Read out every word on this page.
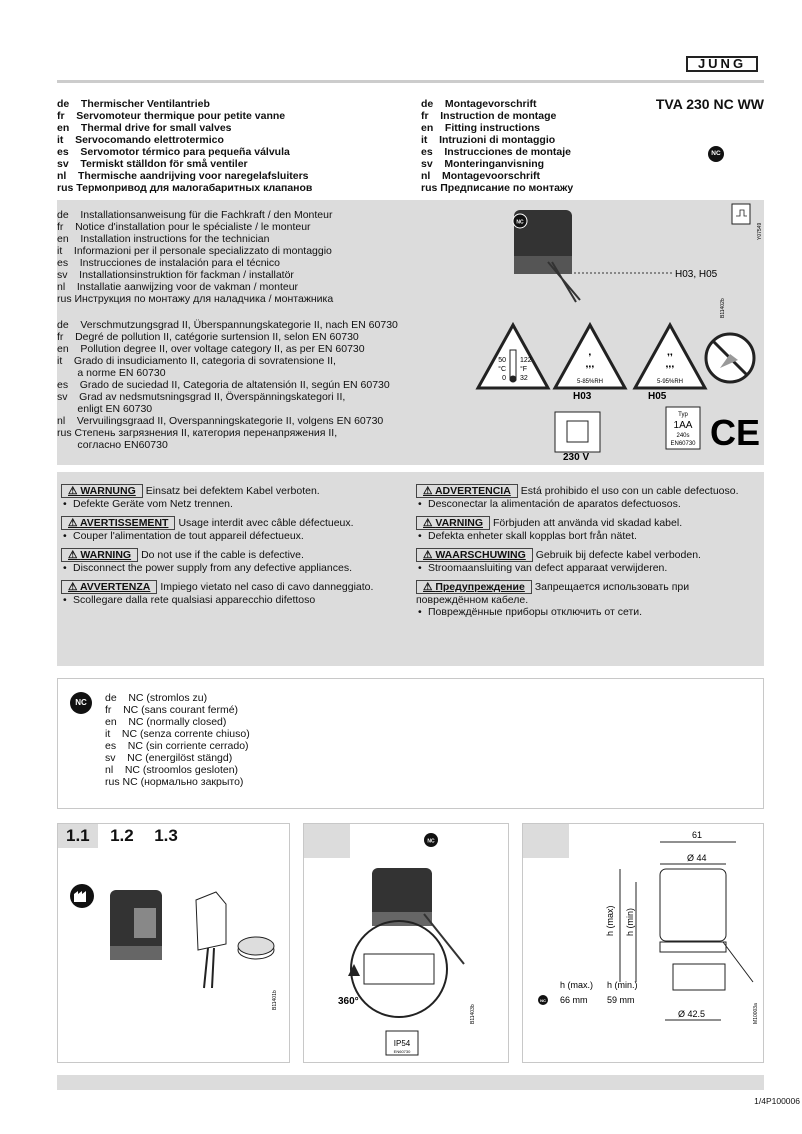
JUNG
de    Thermischer Ventilantrieb
fr    Servomoteur thermique pour petite vanne
en    Thermal drive for small valves
it    Servocomando elettrotermico
es    Servomotor térmico para pequeña válvula
sv    Termiskt ställdon för små ventiler
nl    Thermische aandrijving voor naregelafsluiters
rus Термопривод для малогабаритных клапанов
de    Montagevorschrift
fr    Instruction de montage
en    Fitting instructions
it    Intruzioni di montaggio
es    Instrucciones de montaje
sv    Monteringanvisning
nl    Montagevoorschrift
rus Предписание по монтажу
TVA 230 NC WW
NC
de    Installationsanweisung für die Fachkraft / den Monteur
fr    Notice d'installation pour le spécialiste / le monteur
en    Installation instructions for the technician
it    Informazioni per il personale specializzato di montaggio
es    Instrucciones de instalación para el técnico
sv    Installationsinstruktion för fackman / installatör
nl    Installatie aanwijzing voor de vakman / monteur
rus Инструкция по монтажу для наладчика / монтажника
de    Verschmutzungsgrad II, Überspannungskategorie II, nach EN 60730
fr    Degré de pollution II, catégorie surtension II, selon EN 60730
en    Pollution degree II, over voltage category II, as per EN 60730
it    Grado di insudiciamento II, categoria di sovratensione II,
a norme EN 60730
es    Grado de suciedad II, Categoria de altatensión II, según EN 60730
sv    Grad av nedsmutsningsgrad II, Överspänningskategori II,
enligt EN 60730
nl    Vervuilingsgraad II, Overspanningskategorie II, volgens EN 60730
rus Степень загрязнения II, категория перенапряжения II,
согласно EN60730
NC
H03, H05
B11402b
Y07549
50
°C
0
122
°F
32
❜
❜❜❜
5-85%RH
H03
❜❜
❜❜❜
5-95%RH
H05
230 V
Typ
1AA
240s
EN60730 CE
⚠ WARNUNG Einsatz bei defektem Kabel verboten.
• Defekte Geräte vom Netz trennen.
⚠ AVERTISSEMENT Usage interdit avec câble défectueux.
• Couper l'alimentation de tout appareil défectueux.
⚠ WARNING Do not use if the cable is defective.
• Disconnect the power supply from any defective appliances.
⚠ AVVERTENZA Impiego vietato nel caso di cavo danneggiato.
• Scollegare dalla rete qualsiasi apparecchio difettoso
⚠ ADVERTENCIA Está prohibido el uso con un cable defectuoso.
• Desconectar la alimentación de aparatos defectuosos.
⚠ VARNING Förbjuden att använda vid skadad kabel.
• Defekta enheter skall kopplas bort från nätet.
⚠ WAARSCHUWING Gebruik bij defecte kabel verboden.
• Stroomaansluiting van defect apparaat verwijderen.
⚠ Предупреждение Запрещается использовать при повреждённом кабеле.
• Повреждённые приборы отключить от сети.
NC	de    NC (stromlos zu)
fr    NC (sans courant fermé)
en    NC (normally closed)
it    NC (senza corrente chiuso)
es    NC (sin corriente cerrado)
sv    NC (energilöst stängd)
nl    NC (stroomlos gesloten)
rus NC (нормально закрыто)
1.1 1.2 1.3
B11401b
NC
360°
B11403b
IP54
EN60730
61
Ø 44
h (max) h (min)
h (max.) h (min.)
NC 66 mm 59 mm
Ø 42.5	M10003a
1/4P100006
